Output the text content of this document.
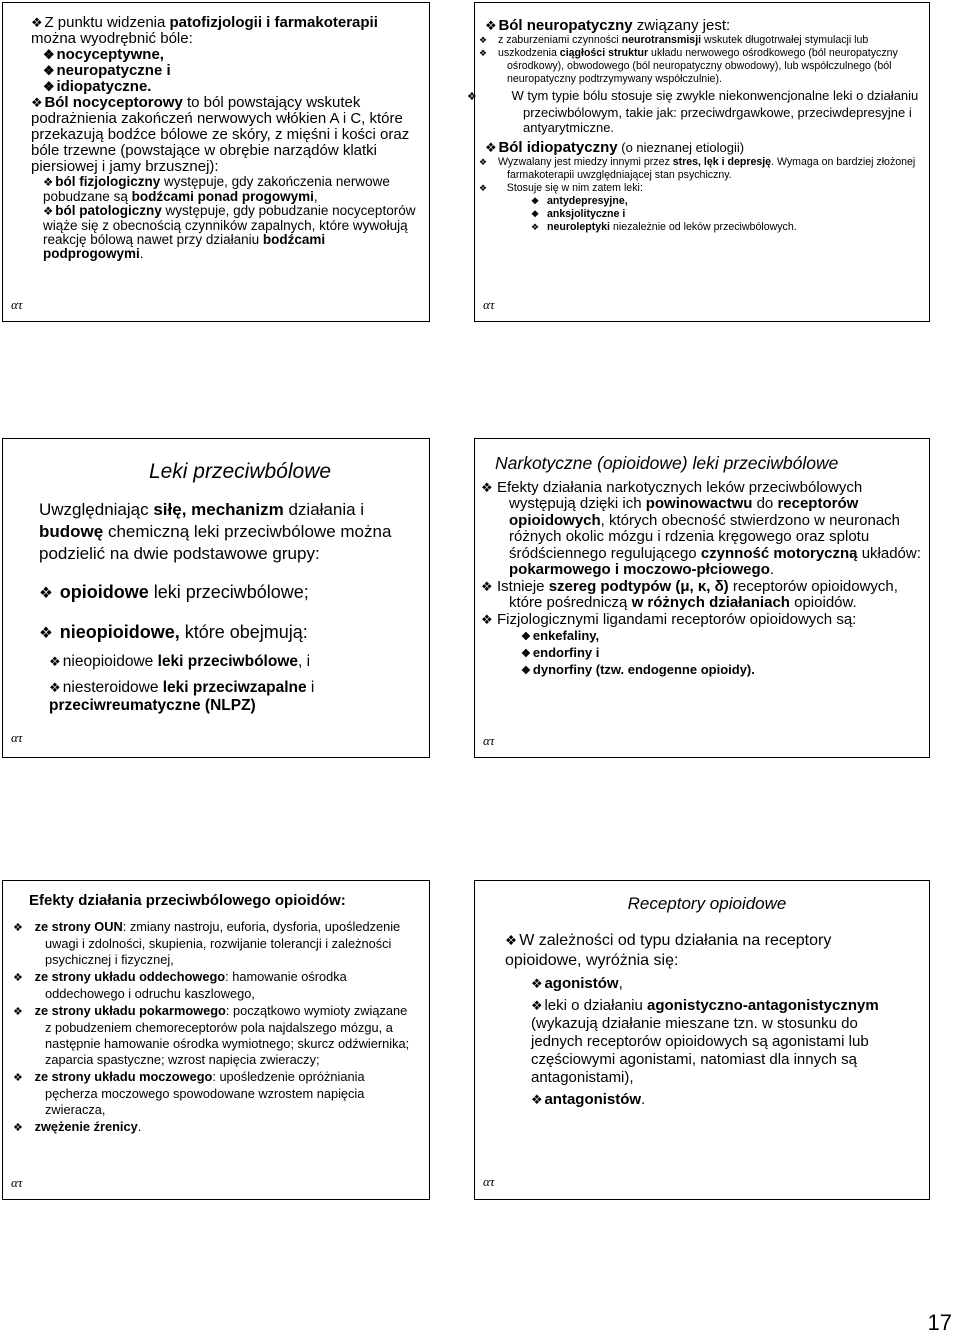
❖ Z punktu widzenia patofizjologii i farmakoterapii można wyodrębnić bóle:

❖ nocyceptywne,

❖ neuropatyczne i

❖ idiopatyczne.

❖ Ból nocyceptorowy to ból powstający wskutek podrażnienia zakończeń nerwowych włókien A i C, które przekazują bodźce bólowe ze skóry, z mięśni i kości oraz bóle trzewne (powstające w obrębie narządów klatki piersiowej i jamy brzusznej):

❖ ból fizjologiczny występuje, gdy zakończenia nerwowe pobudzane są bodźcami ponad progowymi,

❖ ból patologiczny występuje, gdy pobudzanie nocyceptorów wiąże się z obecnością czynników zapalnych, które wywołują reakcję bólową nawet przy działaniu bodźcami podprogowymi.

ατ

❖ Ból neuropatyczny związany jest:

❖ z zaburzeniami czynności neurotransmisji wskutek długotrwałej stymulacji lub

❖ uszkodzenia ciągłości struktur układu nerwowego ośrodkowego (ból neuropatyczny ośrodkowy), obwodowego (ból neuropatyczny obwodowy), lub współczulnego (ból neuropatyczny podtrzymywany współczulnie).

❖	W tym typie bólu stosuje się zwykle niekonwencjonalne leki o działaniu przeciwbólowym, takie jak: przeciwdrgawkowe, przeciwdepresyjne i antyarytmiczne.

❖ Ból idiopatyczny (o nieznanej etiologii)

❖ Wyzwalany jest miedzy innymi przez stres, lęk i depresję. Wymaga on bardziej złożonej farmakoterapii uwzględniającej stan psychiczny.

❖ Stosuje się w nim zatem leki:

❖ antydepresyjne,

❖ anksjolityczne i

❖ neuroleptyki niezależnie od leków przeciwbólowych.

ατ

Leki przeciwbólowe

Uwzględniając siłę, mechanizm działania i budowę chemiczną leki przeciwbólowe można podzielić na dwie podstawowe grupy:

❖ opioidowe leki przeciwbólowe;

❖ nieopioidowe, które obejmują:

❖ nieopioidowe leki przeciwbólowe, i

❖ niesteroidowe leki przeciwzapalne i przeciwreumatyczne (NLPZ)

ατ

Narkotyczne (opioidowe) leki przeciwbólowe

❖ Efekty działania narkotycznych leków przeciwbólowych występują dzięki ich powinowactwu do receptorów opioidowych, których obecność stwierdzono w neuronach różnych okolic mózgu i rdzenia kręgowego oraz splotu śródściennego regulującego czynność motoryczną układów: pokarmowego i moczowo-płciowego.

❖ Istnieje szereg podtypów (μ, κ, δ) receptorów opioidowych, które pośredniczą w różnych działaniach opioidów.

❖ Fizjologicznymi ligandami receptorów opioidowych są:

❖ enkefaliny,

❖ endorfiny i

❖ dynorfiny (tzw. endogenne opioidy).

ατ

Efekty działania przeciwbólowego opioidów:

❖ ze strony OUN: zmiany nastroju, euforia, dysforia, upośledzenie uwagi i zdolności, skupienia, rozwijanie tolerancji i zależności psychicznej i fizycznej,

❖ ze strony układu oddechowego: hamowanie ośrodka oddechowego i odruchu kaszlowego,

❖ ze strony układu pokarmowego: początkowo wymioty związane z pobudzeniem chemoreceptorów pola najdalszego mózgu, a następnie hamowanie ośrodka wymiotnego; skurcz odźwiernika; zaparcia spastyczne; wzrost napięcia zwieraczy;

❖ ze strony układu moczowego: upośledzenie opróżniania pęcherza moczowego spowodowane wzrostem napięcia zwieracza,

❖ zwężenie źrenicy.

ατ

Receptory opioidowe

❖ W zależności od typu działania na receptory opioidowe, wyróżnia się:

❖ agonistów,

❖ leki o działaniu agonistyczno-antagonistycznym (wykazują działanie mieszane tzn. w stosunku do jednych receptorów opioidowych są agonistami lub częściowymi agonistami, natomiast dla innych są antagonistami),

❖ antagonistów.

ατ
17
